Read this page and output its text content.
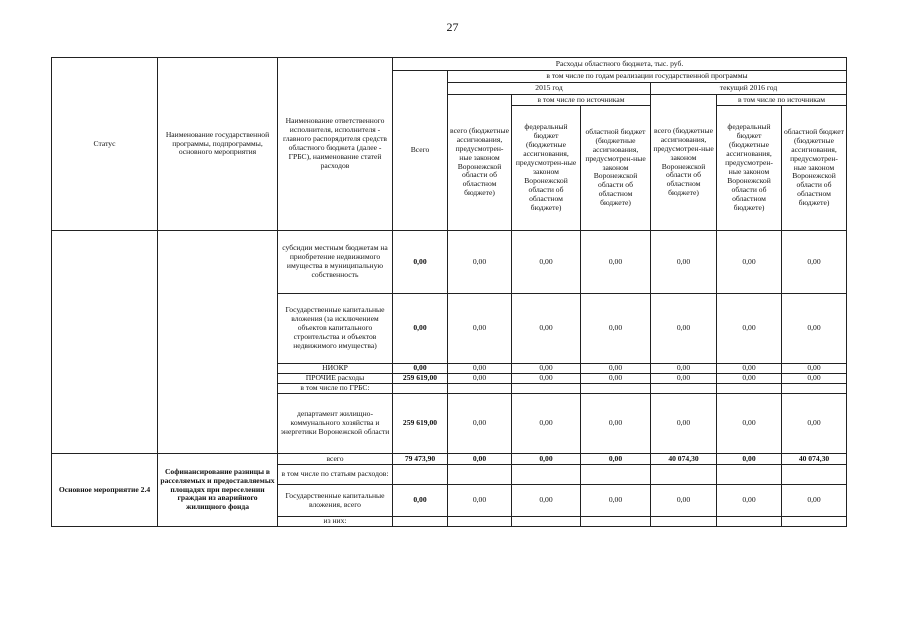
27
Статус	Наименование государственной программы, подпрограммы, основного мероприятия	Наименование ответственного исполнителя, исполнителя - главного распорядителя средств областного бюджета (далее - ГРБС), наименование статей расходов	Расходы областного бюджета, тыс. руб.						
			Всего	в том числе по годам реализации государственной программы					
				2015 год			текущий 2016 год		
				всего (бюджетные ассигнования, предусмотрен-ные законом Воронежской области об областном бюджете)	в том числе по источникам		всего (бюджетные ассигнования, предусмотрен-ные законом Воронежской области об областном бюджете)	в том числе по источникам	
					федеральный бюджет (бюджетные ассигнования, предусмотрен-ные законом Воронежской области об областном бюджете)	областной бюджет (бюджетные ассигнования, предусмотрен-ные законом Воронежской области об областном бюджете)		федеральный бюджет (бюджетные ассигнования, предусмотрен-ные законом Воронежской области об областном бюджете)	областной бюджет (бюджетные ассигнования, предусмотрен-ные законом Воронежской области об областном бюджете)
		субсидии местным бюджетам на приобретение недвижимого имущества в муниципальную собственность	0,00	0,00	0,00	0,00	0,00	0,00	0,00
		Государственные капитальные вложения (за исключением объектов капитального строительства и объектов недвижимого имущества)	0,00	0,00	0,00	0,00	0,00	0,00	0,00
		НИОКР	0,00	0,00	0,00	0,00	0,00	0,00	0,00
		ПРОЧИЕ расходы	259 619,00	0,00	0,00	0,00	0,00	0,00	0,00
		в том числе по ГРБС:							
		департамент жилищно-коммунального хозяйства и энергетики Воронежской области	259 619,00	0,00	0,00	0,00	0,00	0,00	0,00
Основное мероприятие 2.4	Софинансирование разницы в расселяемых и предоставляемых площадях при переселении граждан из аварийного жилищного фонда	всего	79 473,90	0,00	0,00	0,00	40 074,30	0,00	40 074,30
		в том числе по статьям расходов:							
		Государственные капитальные вложения, всего	0,00	0,00	0,00	0,00	0,00	0,00	0,00
		из них:							
